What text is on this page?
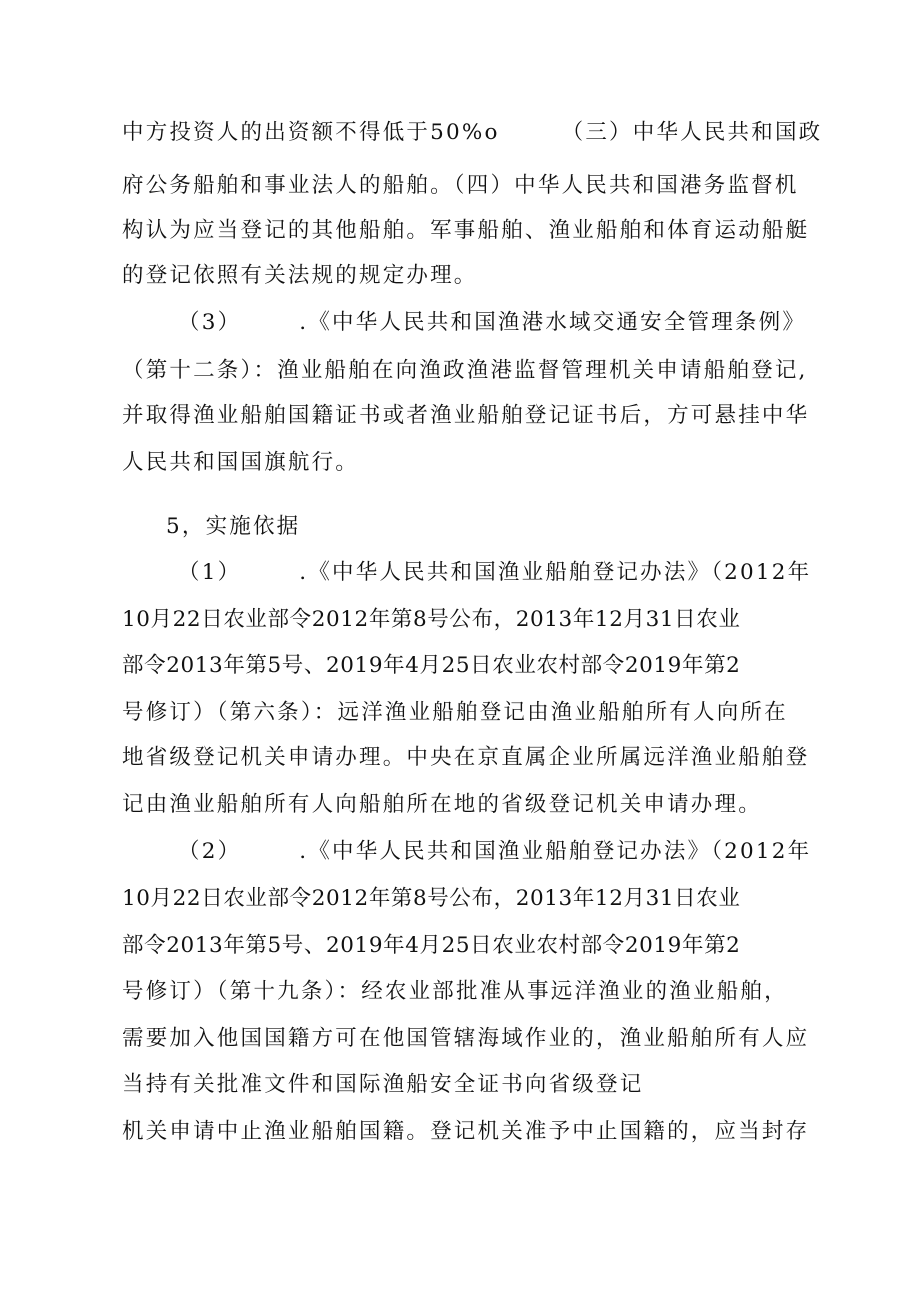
中方投资人的出资额不得低于50%o	（三）中华人民共和国政
府公务船舶和事业法人的船舶。（四）中华人民共和国港务监督机
构认为应当登记的其他船舶。军事船舶、渔业船舶和体育运动船艇
的登记依照有关法规的规定办理。
（3）	.《中华人民共和国渔港水域交通安全管理条例》
（第十二条）：渔业船舶在向渔政渔港监督管理机关申请船舶登记,
并取得渔业船舶国籍证书或者渔业船舶登记证书后，方可悬挂中华
人民共和国国旗航行。
5，实施依据
（1）	.《中华人民共和国渔业船舶登记办法》（2012年
10月22日农业部令2012年第8号公布，2013年12月31日农业
部令2013年第5号、2019年4月25日农业农村部令2019年第2
号修订）（第六条）：远洋渔业船舶登记由渔业船舶所有人向所在
地省级登记机关申请办理。中央在京直属企业所属远洋渔业船舶登
记由渔业船舶所有人向船舶所在地的省级登记机关申请办理。
（2）	.《中华人民共和国渔业船舶登记办法》（2012年
10月22日农业部令2012年第8号公布，2013年12月31日农业
部令2013年第5号、2019年4月25日农业农村部令2019年第2
号修订）（第十九条）：经农业部批准从事远洋渔业的渔业船舶，
需要加入他国国籍方可在他国管辖海域作业的，渔业船舶所有人应
当持有关批准文件和国际渔船安全证书向省级登记
机关申请中止渔业船舶国籍。登记机关准予中止国籍的，应当封存
